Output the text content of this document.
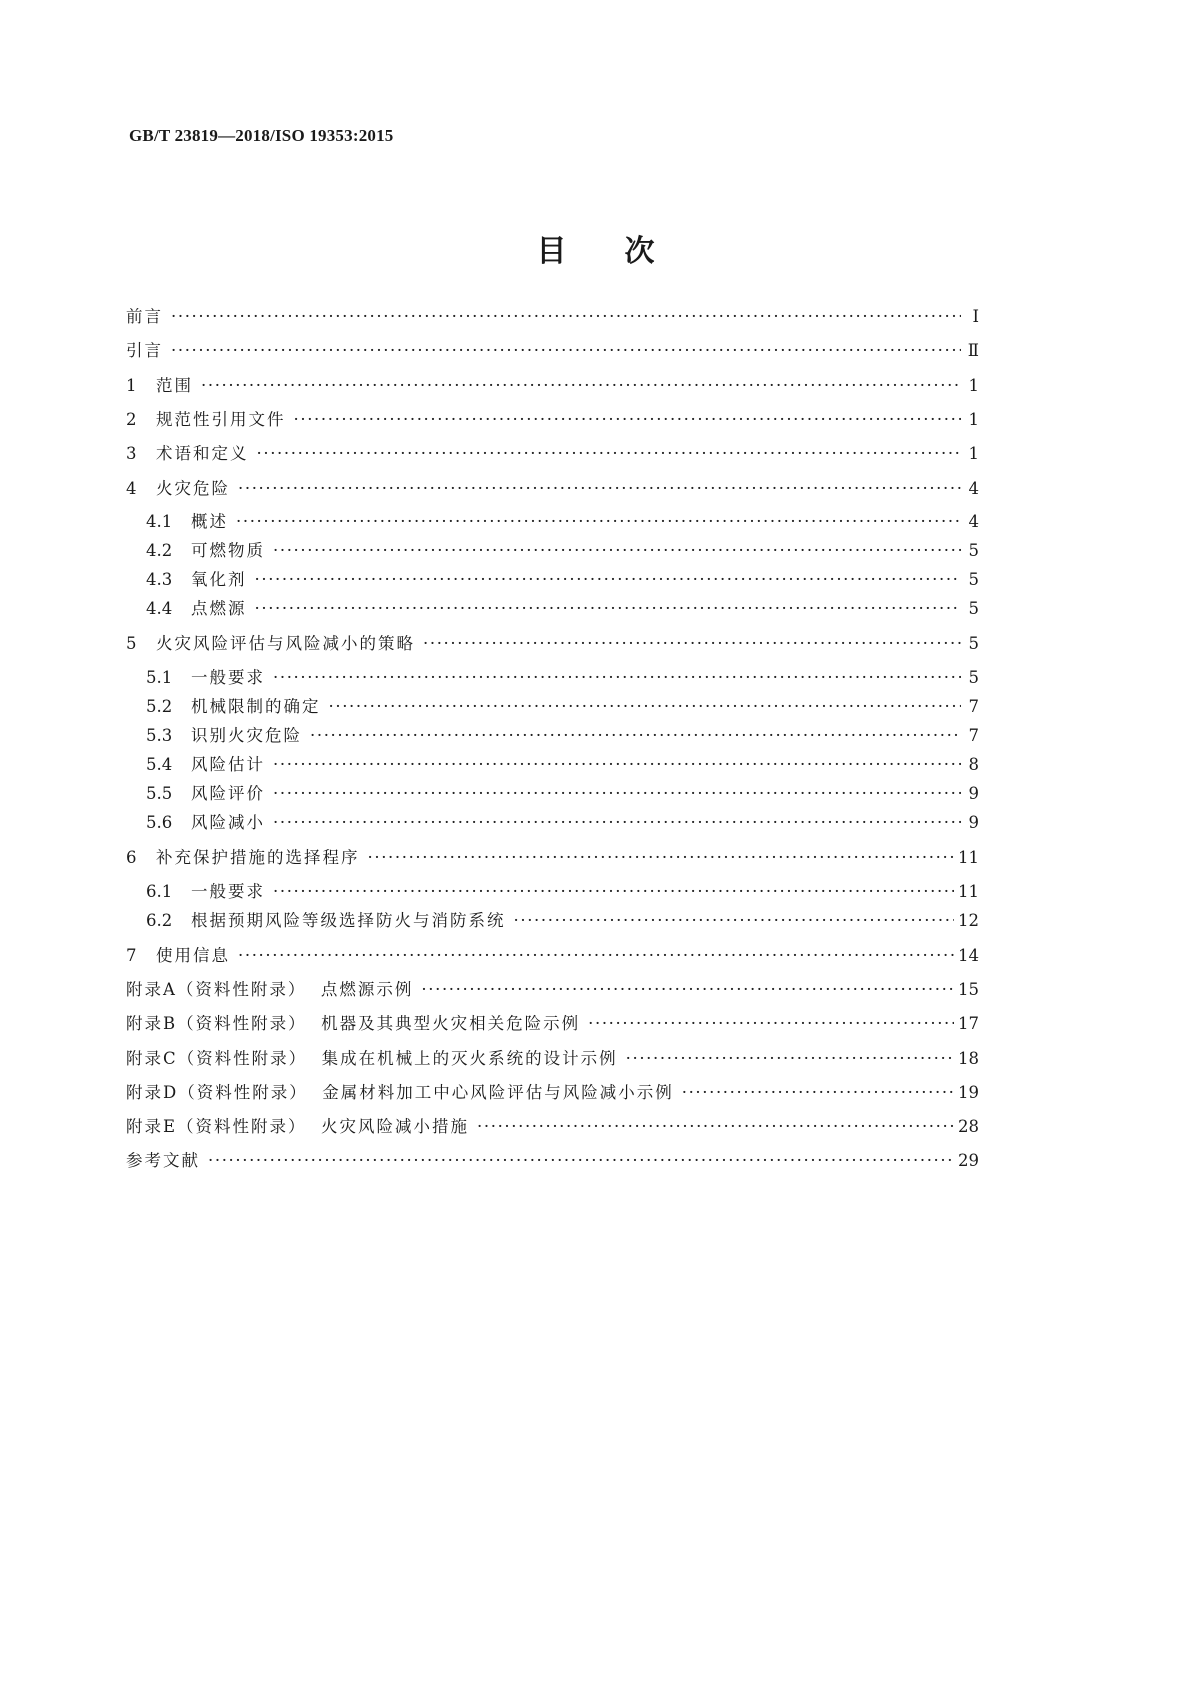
GB/T 23819—2018/ISO 19353:2015
目次
前言 ·····	Ⅰ
引言 ·····	Ⅱ
1	范围 ·····	1
2	规范性引用文件 ·····	1
3	术语和定义 ·····	1
4	火灾危险 ·····	4
4.1	概述 ·····	4
4.2	可燃物质 ·····	5
4.3	氧化剂 ·····	5
4.4	点燃源 ·····	5
5	火灾风险评估与风险减小的策略 ·····	5
5.1	一般要求 ·····	5
5.2	机械限制的确定 ·····	7
5.3	识别火灾危险 ·····	7
5.4	风险估计 ·····	8
5.5	风险评价 ·····	9
5.6	风险减小 ·····	9
6	补充保护措施的选择程序 ·····	11
6.1	一般要求 ·····	11
6.2	根据预期风险等级选择防火与消防系统 ·····	12
7	使用信息 ·····	14
附录A（资料性附录）  点燃源示例 ·····	15
附录B（资料性附录）  机器及其典型火灾相关危险示例 ·····	17
附录C（资料性附录）  集成在机械上的灭火系统的设计示例 ·····	18
附录D（资料性附录）  金属材料加工中心风险评估与风险减小示例 ·····	19
附录E（资料性附录）  火灾风险减小措施 ·····	28
参考文献 ·····	29
